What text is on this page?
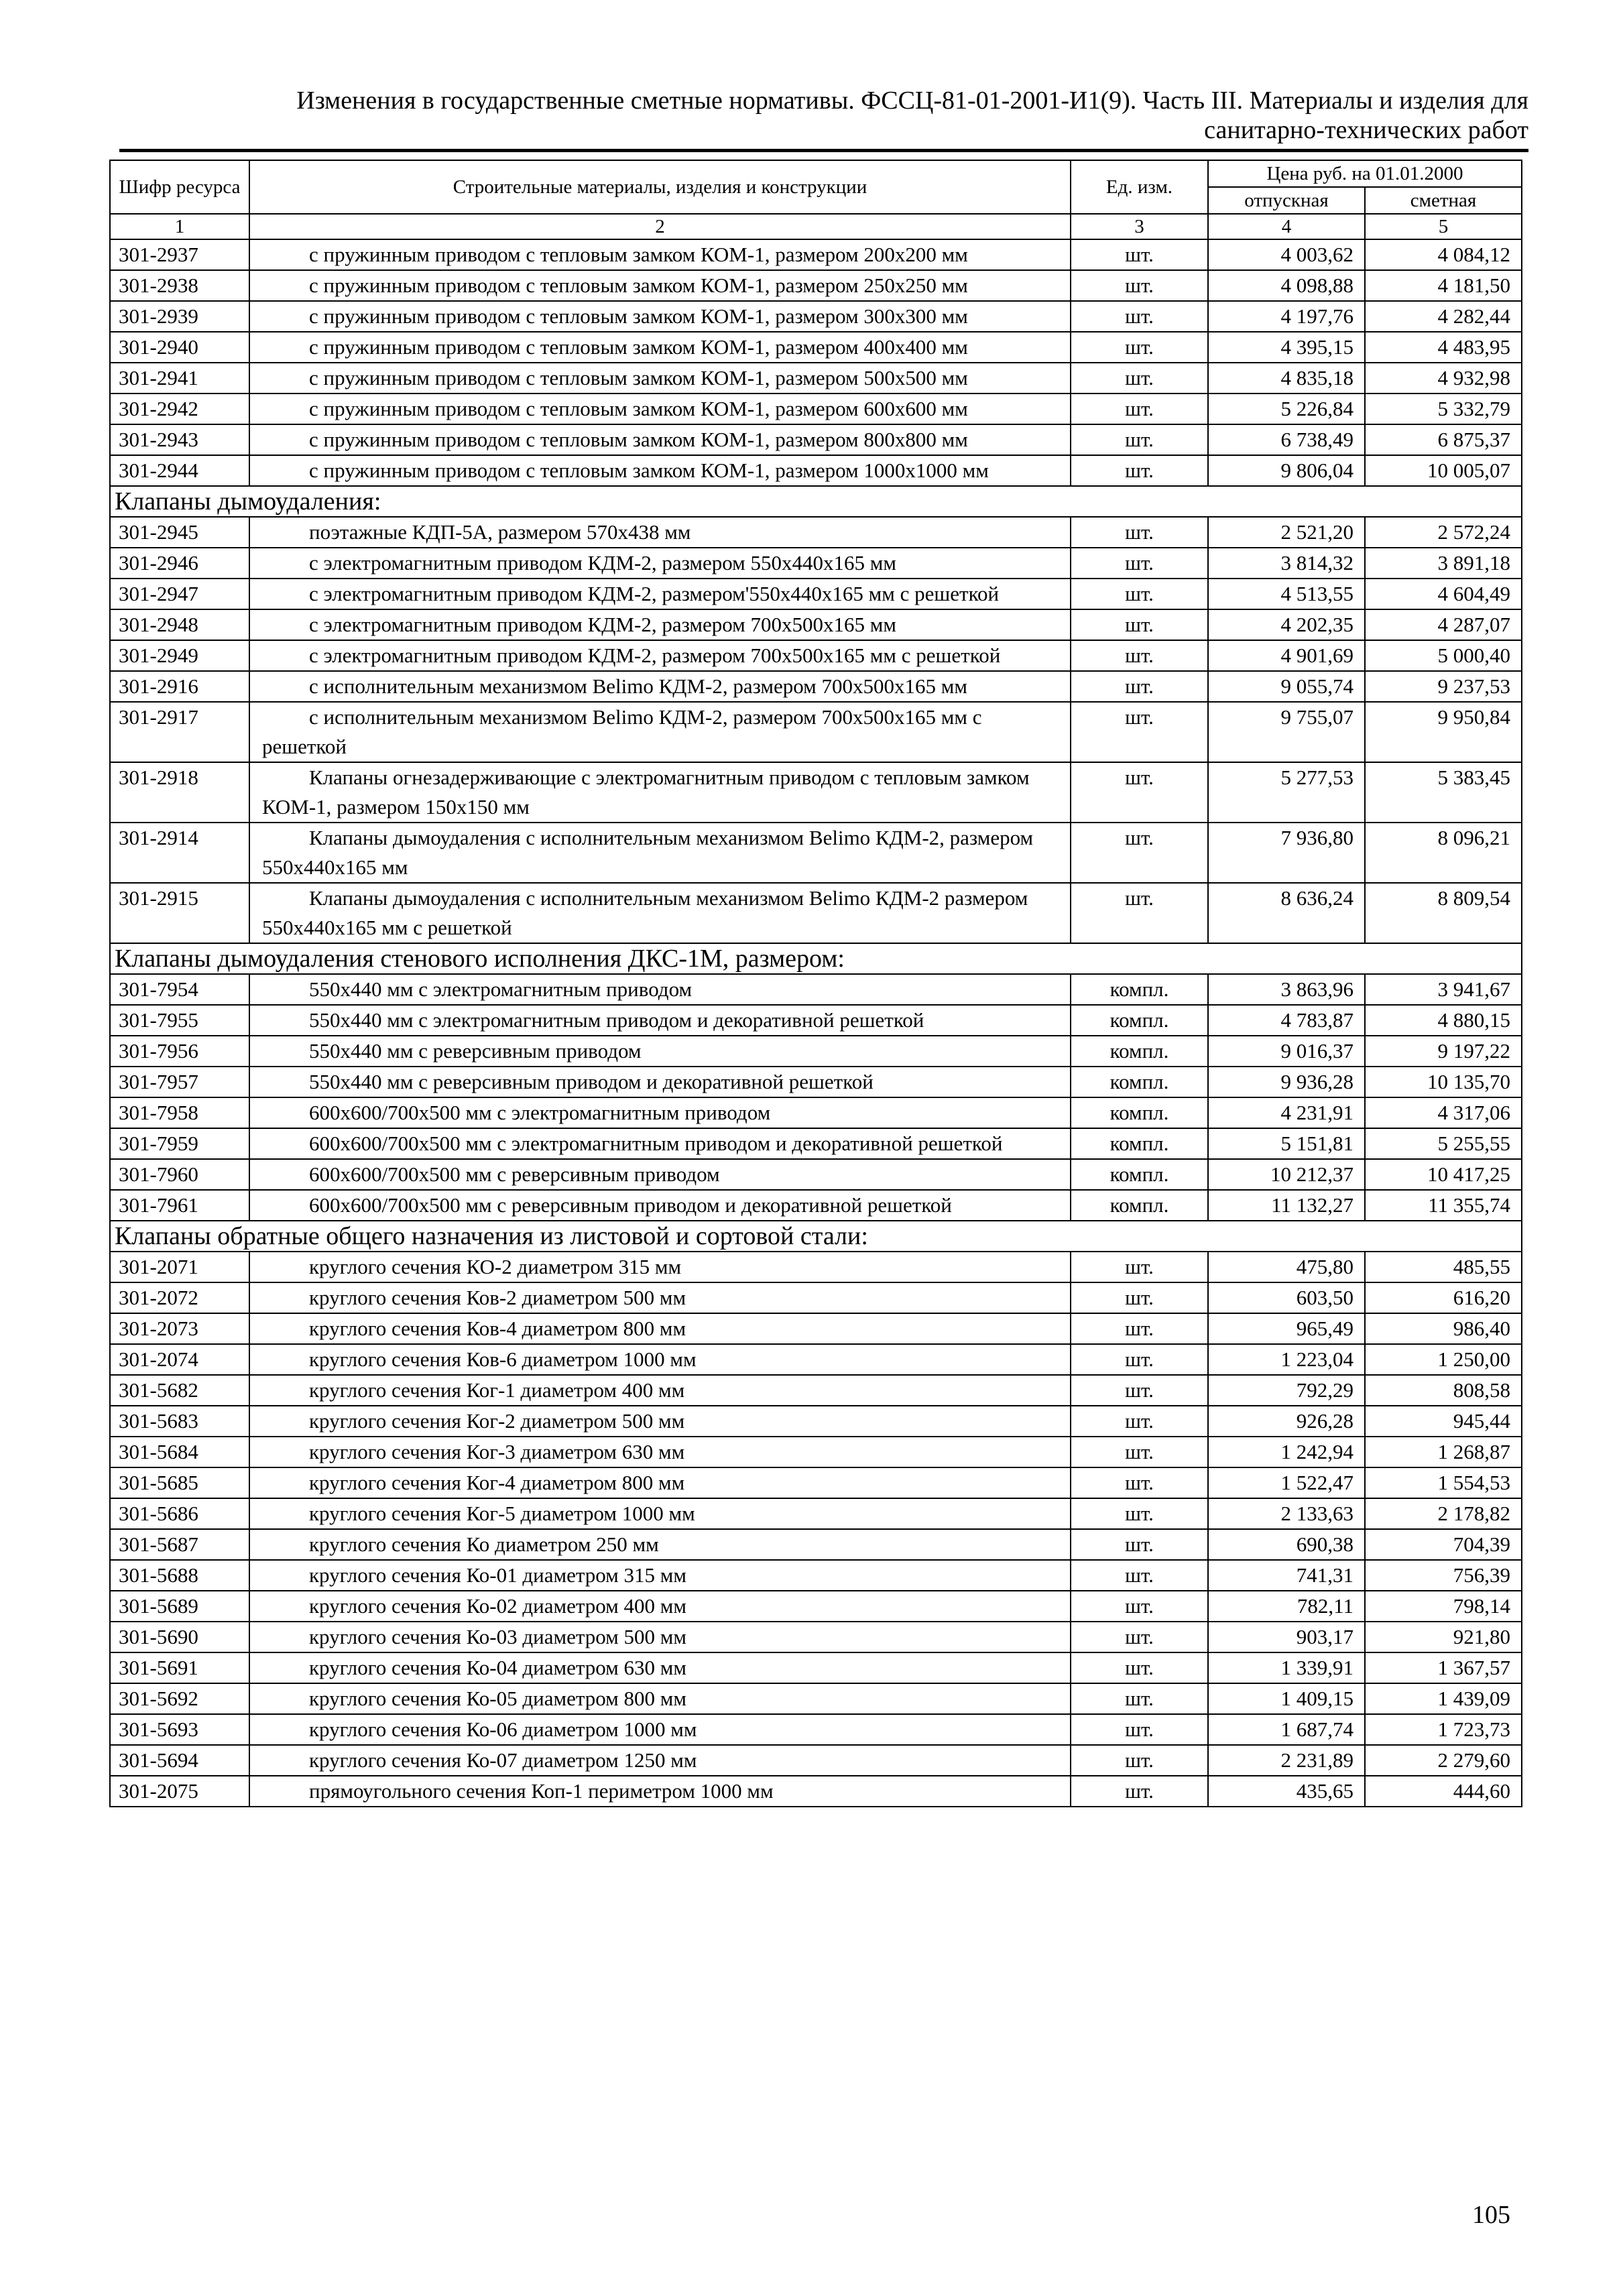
Изменения в государственные сметные нормативы. ФССЦ-81-01-2001-И1(9). Часть III. Материалы и изделия для
санитарно-технических работ
Шифр ресурса	Строительные материалы, изделия и конструкции	Ед. изм.	Цена руб. на 01.01.2000	
			отпускная	сметная
1	2	3	4	5
301-2937	с пружинным приводом с тепловым замком КОМ-1, размером 200х200 мм	шт.	4 003,62	4 084,12
301-2938	с пружинным приводом с тепловым замком КОМ-1, размером 250х250 мм	шт.	4 098,88	4 181,50
301-2939	с пружинным приводом с тепловым замком КОМ-1, размером 300х300 мм	шт.	4 197,76	4 282,44
301-2940	с пружинным приводом с тепловым замком КОМ-1, размером 400х400 мм	шт.	4 395,15	4 483,95
301-2941	с пружинным приводом с тепловым замком КОМ-1, размером 500х500 мм	шт.	4 835,18	4 932,98
301-2942	с пружинным приводом с тепловым замком КОМ-1, размером 600х600 мм	шт.	5 226,84	5 332,79
301-2943	с пружинным приводом с тепловым замком КОМ-1, размером 800х800 мм	шт.	6 738,49	6 875,37
301-2944	с пружинным приводом с тепловым замком КОМ-1, размером 1000х1000 мм	шт.	9 806,04	10 005,07
Клапаны дымоудаления:				
301-2945	поэтажные КДП-5А, размером 570х438 мм	шт.	2 521,20	2 572,24
301-2946	с электромагнитным приводом КДМ-2, размером 550х440х165 мм	шт.	3 814,32	3 891,18
301-2947	с электромагнитным приводом КДМ-2, размером'550х440х165 мм с решеткой	шт.	4 513,55	4 604,49
301-2948	с электромагнитным приводом КДМ-2, размером 700х500х165 мм	шт.	4 202,35	4 287,07
301-2949	с электромагнитным приводом КДМ-2, размером 700х500х165 мм с решеткой	шт.	4 901,69	5 000,40
301-2916	с исполнительным механизмом Belimo КДМ-2, размером 700х500х165 мм	шт.	9 055,74	9 237,53
301-2917	с исполнительным механизмом Belimo КДМ-2, размером 700х500х165 мм с решеткой	шт.	9 755,07	9 950,84
301-2918	Клапаны огнезадерживающие с электромагнитным приводом с тепловым замком КОМ-1, размером 150х150 мм	шт.	5 277,53	5 383,45
301-2914	Клапаны дымоудаления с исполнительным механизмом Belimo КДМ-2, размером 550х440х165 мм	шт.	7 936,80	8 096,21
301-2915	Клапаны дымоудаления с исполнительным механизмом Belimo КДМ-2 размером 550х440х165 мм с решеткой	шт.	8 636,24	8 809,54
Клапаны дымоудаления стенового исполнения ДКС-1М, размером:				
301-7954	550х440 мм с электромагнитным приводом	компл.	3 863,96	3 941,67
301-7955	550х440 мм с электромагнитным приводом и декоративной решеткой	компл.	4 783,87	4 880,15
301-7956	550х440 мм с реверсивным приводом	компл.	9 016,37	9 197,22
301-7957	550х440 мм с реверсивным приводом и декоративной решеткой	компл.	9 936,28	10 135,70
301-7958	600х600/700х500 мм с электромагнитным приводом	компл.	4 231,91	4 317,06
301-7959	600х600/700х500 мм с электромагнитным приводом и декоративной решеткой	компл.	5 151,81	5 255,55
301-7960	600х600/700х500 мм с реверсивным приводом	компл.	10 212,37	10 417,25
301-7961	600х600/700х500 мм с реверсивным приводом и декоративной решеткой	компл.	11 132,27	11 355,74
Клапаны обратные общего назначения из листовой и сортовой стали:				
301-2071	круглого сечения КО-2 диаметром 315 мм	шт.	475,80	485,55
301-2072	круглого сечения Ков-2 диаметром 500 мм	шт.	603,50	616,20
301-2073	круглого сечения Ков-4 диаметром 800 мм	шт.	965,49	986,40
301-2074	круглого сечения Ков-6 диаметром 1000 мм	шт.	1 223,04	1 250,00
301-5682	круглого сечения Ког-1 диаметром 400 мм	шт.	792,29	808,58
301-5683	круглого сечения Ког-2 диаметром 500 мм	шт.	926,28	945,44
301-5684	круглого сечения Ког-3 диаметром 630 мм	шт.	1 242,94	1 268,87
301-5685	круглого сечения Ког-4 диаметром 800 мм	шт.	1 522,47	1 554,53
301-5686	круглого сечения Ког-5 диаметром 1000 мм	шт.	2 133,63	2 178,82
301-5687	круглого сечения Ко диаметром 250 мм	шт.	690,38	704,39
301-5688	круглого сечения Ко-01 диаметром 315 мм	шт.	741,31	756,39
301-5689	круглого сечения Ко-02 диаметром 400 мм	шт.	782,11	798,14
301-5690	круглого сечения Ко-03 диаметром 500 мм	шт.	903,17	921,80
301-5691	круглого сечения Ко-04 диаметром 630 мм	шт.	1 339,91	1 367,57
301-5692	круглого сечения Ко-05 диаметром 800 мм	шт.	1 409,15	1 439,09
301-5693	круглого сечения Ко-06 диаметром 1000 мм	шт.	1 687,74	1 723,73
301-5694	круглого сечения Ко-07 диаметром 1250 мм	шт.	2 231,89	2 279,60
301-2075	прямоугольного сечения Коп-1 периметром 1000 мм	шт.	435,65	444,60
105
